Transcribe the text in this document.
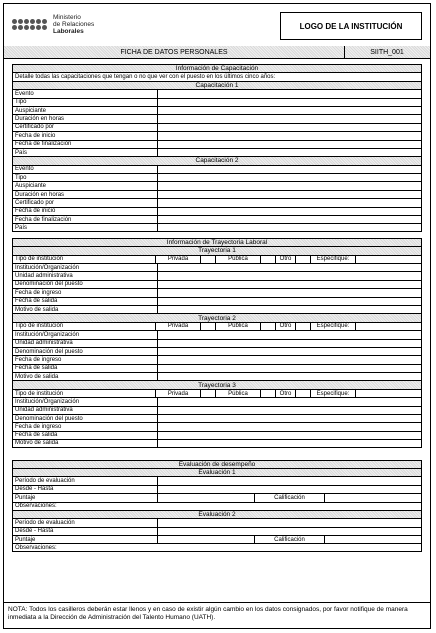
Ministerio
de Relaciones
Laborales
LOGO DE LA INSTITUCIÓN
FICHA DE DATOS PERSONALES	SIITH_001
Información de Capacitación
Detalle todas las capacitaciones que tengan o no que ver con el puesto en los últimos cinco años:
Capacitación 1
Evento
Tipo
Auspiciante
Duración en horas
Certificado por
Fecha de inicio
Fecha de finalización
País
Capacitación 2
Evento
Tipo
Auspiciante
Duración en horas
Certificado por
Fecha de inicio
Fecha de finalización
País
Información de Trayectoria Laboral
Trayectoria 1
Tipo de institución	Privada	Pública	Otro	Especifique:
Institución/Organización
Unidad administrativa
Denominación del puesto
Fecha de ingreso
Fecha de salida
Motivo de salida
Trayectoria 2
Tipo de institución	Privada	Pública	Otro	Especifique:
Institución/Organización
Unidad administrativa
Denominación del puesto
Fecha de ingreso
Fecha de salida
Motivo de salida
Trayectoria 3
Tipo de institución	Privada	Pública	Otro	Especifique:
Institución/Organización
Unidad administrativa
Denominación del puesto
Fecha de ingreso
Fecha de salida
Motivo de salida
Evaluación de desempeño
Evaluación 1
Período de evaluación
Desde - Hasta
Puntaje	Calificación
Observaciones:
Evaluación 2
Período de evaluación
Desde - Hasta
Puntaje	Calificación
Observaciones:
NOTA: Todos los casilleros deberán estar llenos y en caso de existir algún cambio en los datos consignados, por favor notifique de manera inmediata a la Dirección de Administración del Talento Humano (UATH).
